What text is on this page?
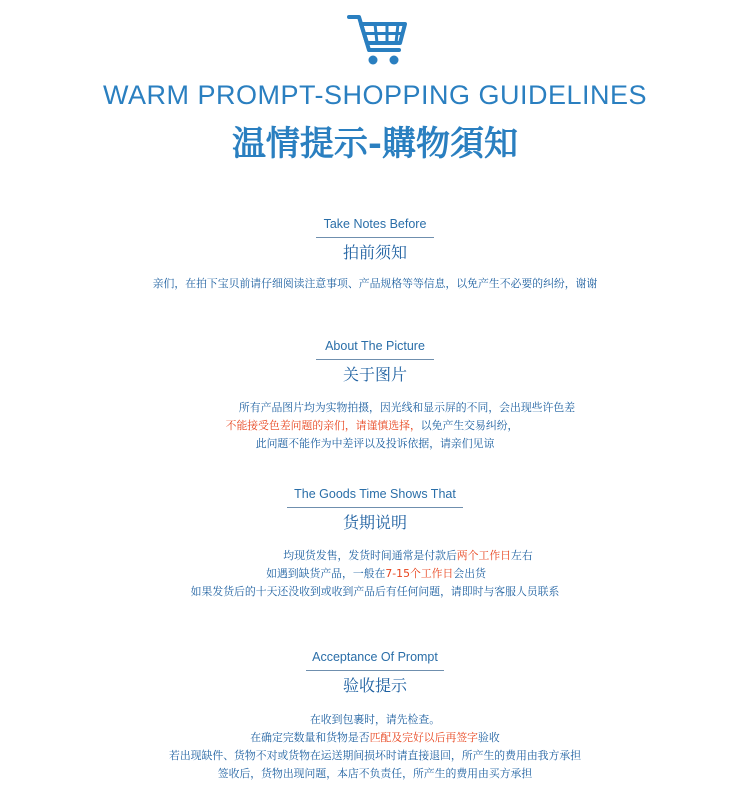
WARM PROMPT-SHOPPING GUIDELINES
温情提示-購物須知
Take Notes Before
拍前须知
亲们，在拍下宝贝前请仔细阅读注意事项、产品规格等等信息，以免产生不必要的纠纷，谢谢
About The Picture
关于图片
所有产品图片均为实物拍摄，因光线和显示屏的不同，会出现些许色差
不能接受色差问题的亲们，请谨慎选择，以免产生交易纠纷，
此问题不能作为中差评以及投诉依据，请亲们见谅
The Goods Time Shows That
货期说明
均现货发售，发货时间通常是付款后两个工作日左右
如遇到缺货产品，一般在7-15个工作日会出货
如果发货后的十天还没收到或收到产品后有任何问题，请即时与客服人员联系
Acceptance Of Prompt
验收提示
在收到包裹时，请先检查。
在确定完数量和货物是否匹配及完好以后再签字验收
若出现缺件、货物不对或货物在运送期间损坏时请直接退回，所产生的费用由我方承担
签收后，货物出现问题，本店不负责任，所产生的费用由买方承担
